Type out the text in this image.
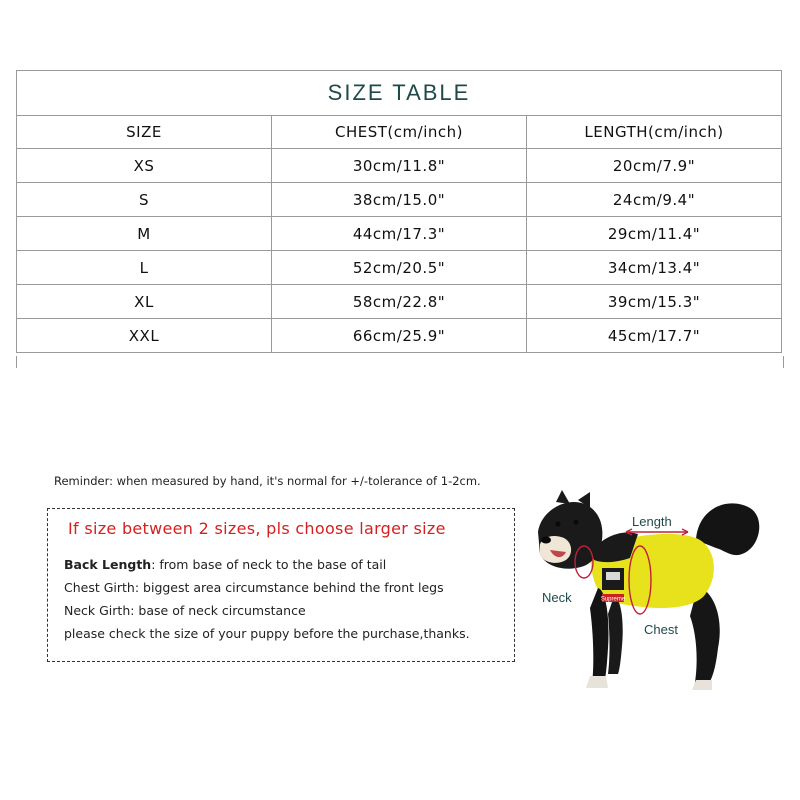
SIZE TABLE		
SIZE	CHEST(cm/inch)	LENGTH(cm/inch)
XS	30cm/11.8"	20cm/7.9"
S	38cm/15.0"	24cm/9.4"
M	44cm/17.3"	29cm/11.4"
L	52cm/20.5"	34cm/13.4"
XL	58cm/22.8"	39cm/15.3"
XXL	66cm/25.9"	45cm/17.7"
Reminder: when measured by hand, it's normal for +/-tolerance of 1-2cm.
If size between 2 sizes, pls choose larger size
Back Length: from base of neck to the base of tail
Chest Girth: biggest area circumstance behind the front legs
Neck Girth: base of neck circumstance
please check the size of your puppy before the purchase,thanks.
Supreme
Length
Neck
Chest
